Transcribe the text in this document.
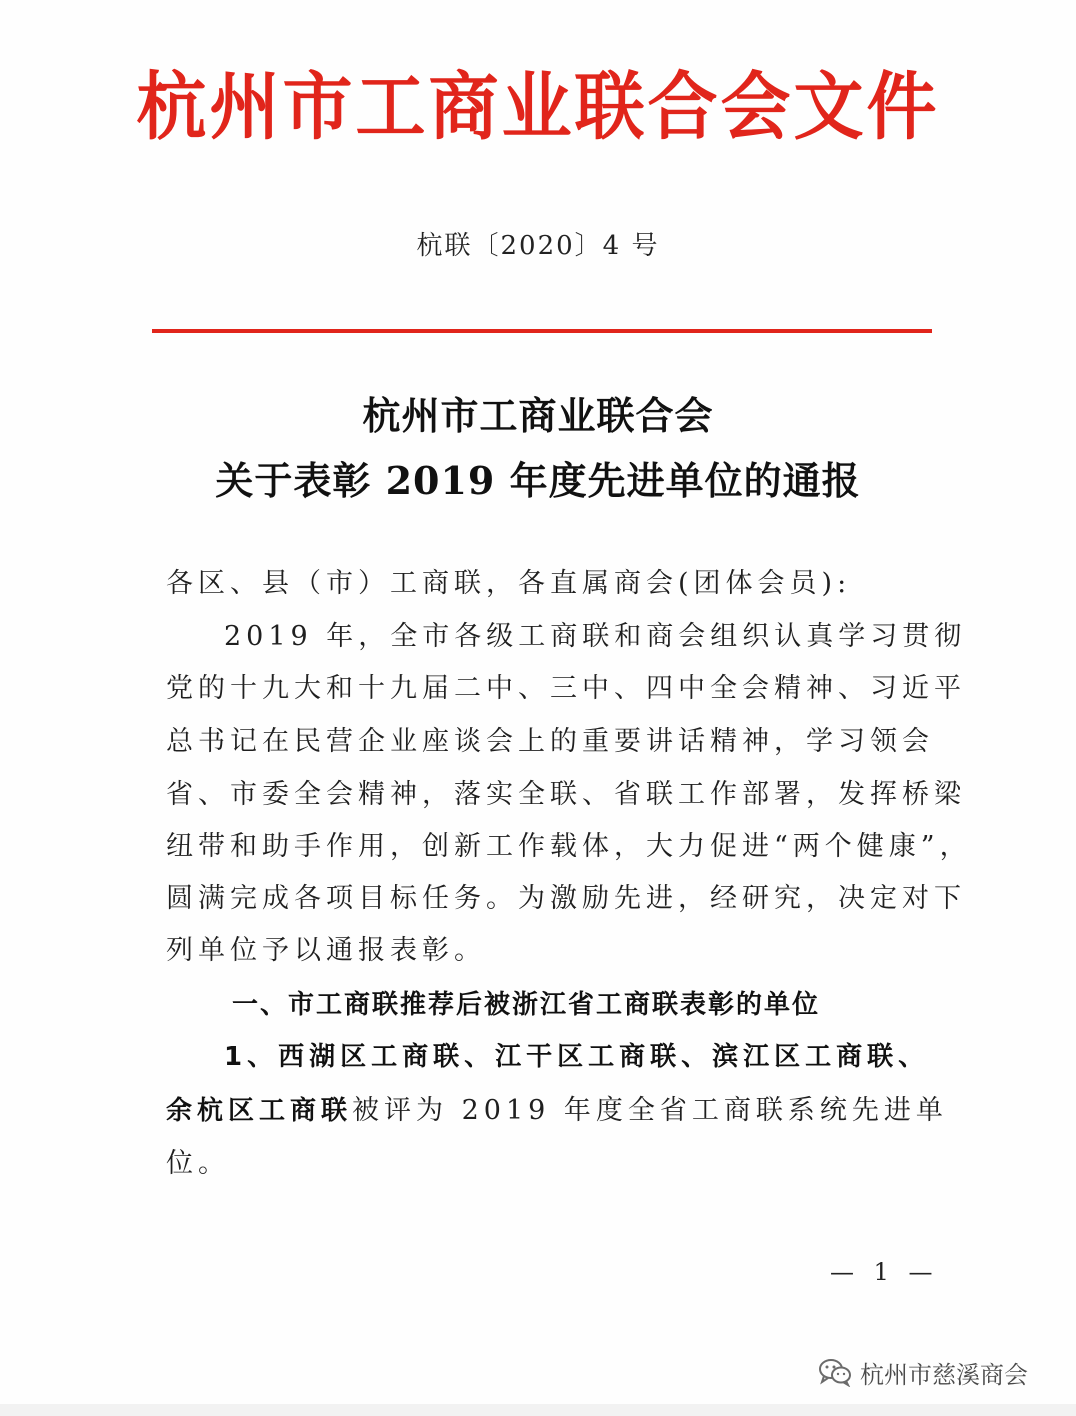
杭州市工商业联合会文件
杭联〔2020〕4 号
杭州市工商业联合会
关于表彰 2019 年度先进单位的通报
各区、县（市）工商联，各直属商会(团体会员):
2019 年，全市各级工商联和商会组织认真学习贯彻
党的十九大和十九届二中、三中、四中全会精神、习近平
总书记在民营企业座谈会上的重要讲话精神，学习领会
省、市委全会精神，落实全联、省联工作部署，发挥桥梁
纽带和助手作用，创新工作载体，大力促进“两个健康”，
圆满完成各项目标任务。为激励先进，经研究，决定对下
列单位予以通报表彰。
一、市工商联推荐后被浙江省工商联表彰的单位
1、西湖区工商联、江干区工商联、滨江区工商联、
余杭区工商联被评为 2019 年度全省工商联系统先进单
位。
— 1 —
杭州市慈溪商会
